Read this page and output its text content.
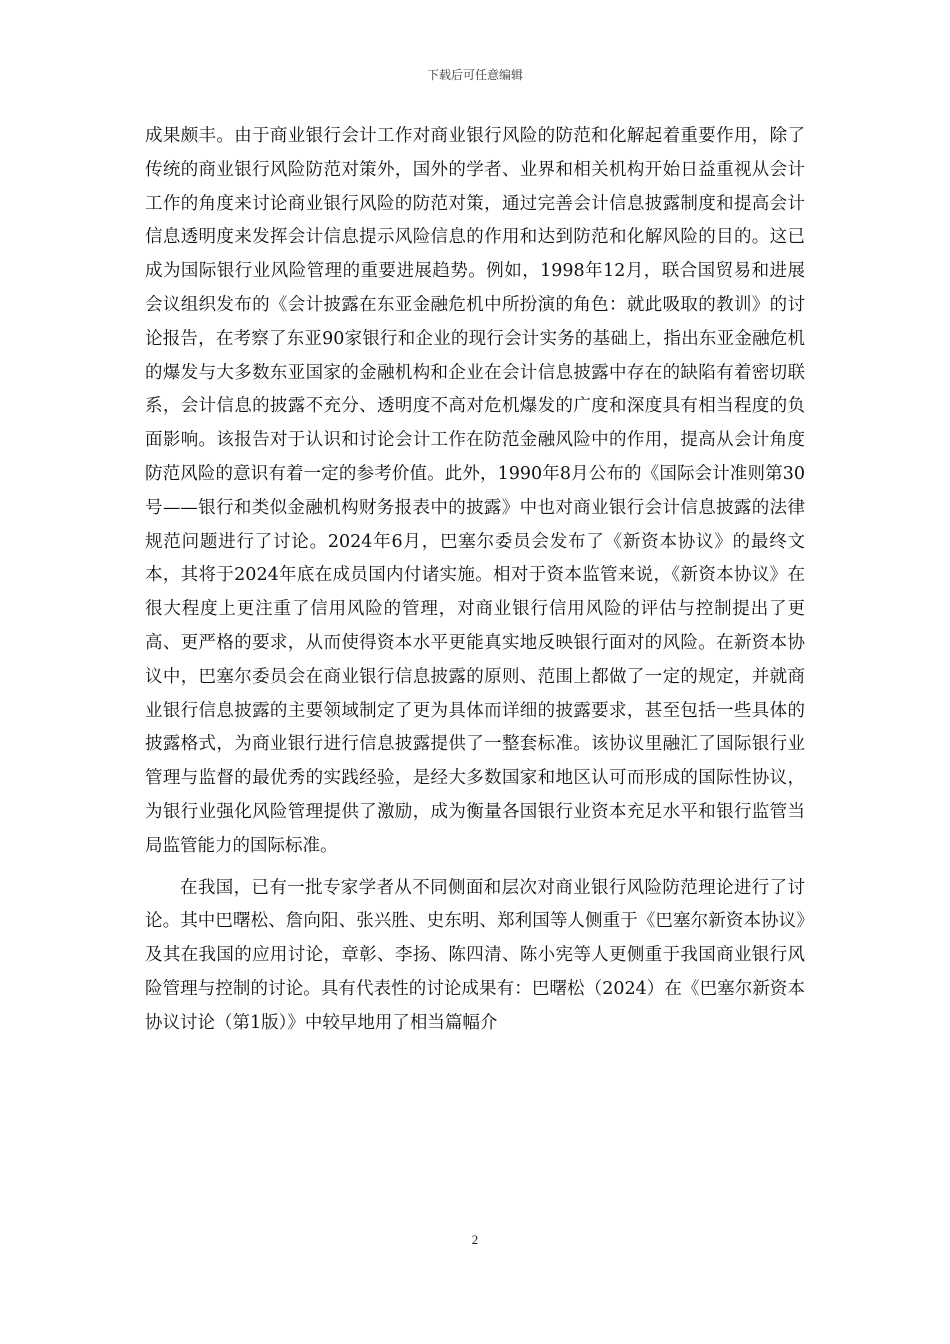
下载后可任意编辑

成果颇丰。由于商业银行会计工作对商业银行风险的防范和化解起着重要作用，除了传统的商业银行风险防范对策外，国外的学者、业界和相关机构开始日益重视从会计工作的角度来讨论商业银行风险的防范对策，通过完善会计信息披露制度和提高会计信息透明度来发挥会计信息提示风险信息的作用和达到防范和化解风险的目的。这已成为国际银行业风险管理的重要进展趋势。例如，1998年12月，联合国贸易和进展会议组织发布的《会计披露在东亚金融危机中所扮演的角色：就此吸取的教训》的讨论报告，在考察了东亚90家银行和企业的现行会计实务的基础上，指出东亚金融危机的爆发与大多数东亚国家的金融机构和企业在会计信息披露中存在的缺陷有着密切联系，会计信息的披露不充分、透明度不高对危机爆发的广度和深度具有相当程度的负面影响。该报告对于认识和讨论会计工作在防范金融风险中的作用，提高从会计角度防范风险的意识有着一定的参考价值。此外，1990年8月公布的《国际会计准则第30号——银行和类似金融机构财务报表中的披露》中也对商业银行会计信息披露的法律规范问题进行了讨论。2024年6月，巴塞尔委员会发布了《新资本协议》的最终文本，其将于2024年底在成员国内付诸实施。相对于资本监管来说，《新资本协议》在很大程度上更注重了信用风险的管理，对商业银行信用风险的评估与控制提出了更高、更严格的要求，从而使得资本水平更能真实地反映银行面对的风险。在新资本协议中，巴塞尔委员会在商业银行信息披露的原则、范围上都做了一定的规定，并就商业银行信息披露的主要领域制定了更为具体而详细的披露要求，甚至包括一些具体的披露格式，为商业银行进行信息披露提供了一整套标准。该协议里融汇了国际银行业管理与监督的最优秀的实践经验，是经大多数国家和地区认可而形成的国际性协议，为银行业强化风险管理提供了激励，成为衡量各国银行业资本充足水平和银行监管当局监管能力的国际标准。

在我国，已有一批专家学者从不同侧面和层次对商业银行风险防范理论进行了讨论。其中巴曙松、詹向阳、张兴胜、史东明、郑利国等人侧重于《巴塞尔新资本协议》及其在我国的应用讨论，章彰、李扬、陈四清、陈小宪等人更侧重于我国商业银行风险管理与控制的讨论。具有代表性的讨论成果有：巴曙松（2024）在《巴塞尔新资本协议讨论（第1版）》中较早地用了相当篇幅介

2
